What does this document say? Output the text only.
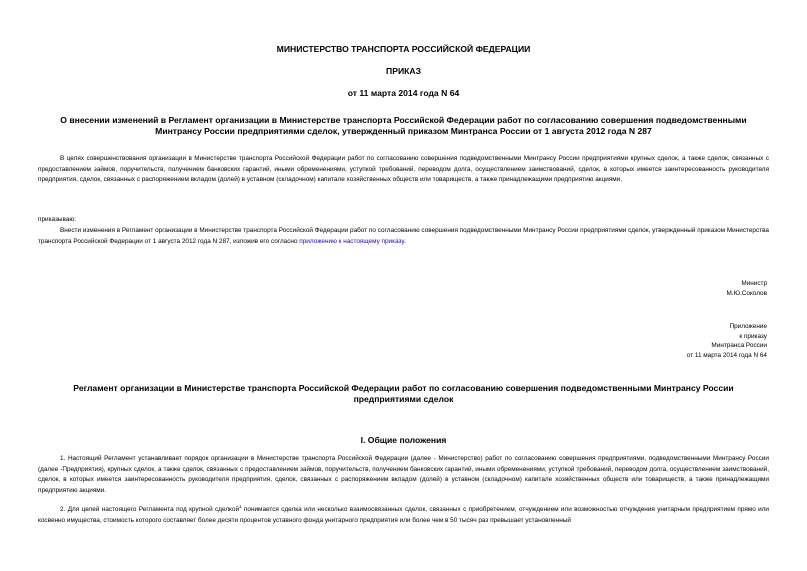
МИНИСТЕРСТВО ТРАНСПОРТА РОССИЙСКОЙ ФЕДЕРАЦИИ
ПРИКАЗ
от 11 марта 2014 года N 64
О внесении изменений в Регламент организации в Министерстве транспорта Российской Федерации работ по согласованию совершения подведомственными Минтрансу России предприятиями сделок, утвержденный приказом Минтранса России от 1 августа 2012 года N 287
В целях совершенствования организации в Министерстве транспорта Российской Федерации работ по согласованию совершения подведомственными Минтрансу России предприятиями крупных сделок, а также сделок, связанных с предоставлением займов, поручительств, получением банковских гарантий, иными обременениями, уступкой требований, переводом долга, осуществлением заимствований, сделок, в которых имеется заинтересованность руководителя предприятия, сделок, связанных с распоряжением вкладом (долей) в уставном (складочном) капитале хозяйственных обществ или товариществ, а также принадлежащими предприятию акциями,
приказываю:
Внести изменения в Регламент организации в Министерстве транспорта Российской Федерации работ по согласованию совершения подведомственными Минтрансу России предприятиями сделок, утвержденный приказом Министерства транспорта Российской Федерации от 1 августа 2012 года N 287, изложив его согласно приложению к настоящему приказу.
Министр
М.Ю.Соколов
Приложение
к приказу
Минтранса России
от 11 марта 2014 года N 64
Регламент организации в Министерстве транспорта Российской Федерации работ по согласованию совершения подведомственными Минтрансу России предприятиями сделок
I. Общие положения
1. Настоящий Регламент устанавливает порядок организации в Министерстве транспорта Российской Федерации (далее - Министерство) работ по согласованию совершения предприятиями, подведомственными Минтрансу России (далее -Предприятия), крупных сделок, а также сделок, связанных с предоставлением займов, поручительств, получением банковских гарантий, иными обременениями, уступкой требований, переводом долга, осуществлением заимствований, сделок, в которых имеется заинтересованность руководителя предприятия, сделок, связанных с распоряжением вкладом (долей) в уставном (складочном) капитале хозяйственных обществ или товариществ, а также принадлежащими предприятию акциями.
2. Для целей настоящего Регламента под крупной сделкой$^1$ понимается сделка или несколько взаимосвязанных сделок, связанных с приобретением, отчуждением или возможностью отчуждения унитарным предприятием прямо или косвенно имущества, стоимость которого составляет более десяти процентов уставного фонда унитарного предприятия или более чем в 50 тысяч раз превышает установленный
